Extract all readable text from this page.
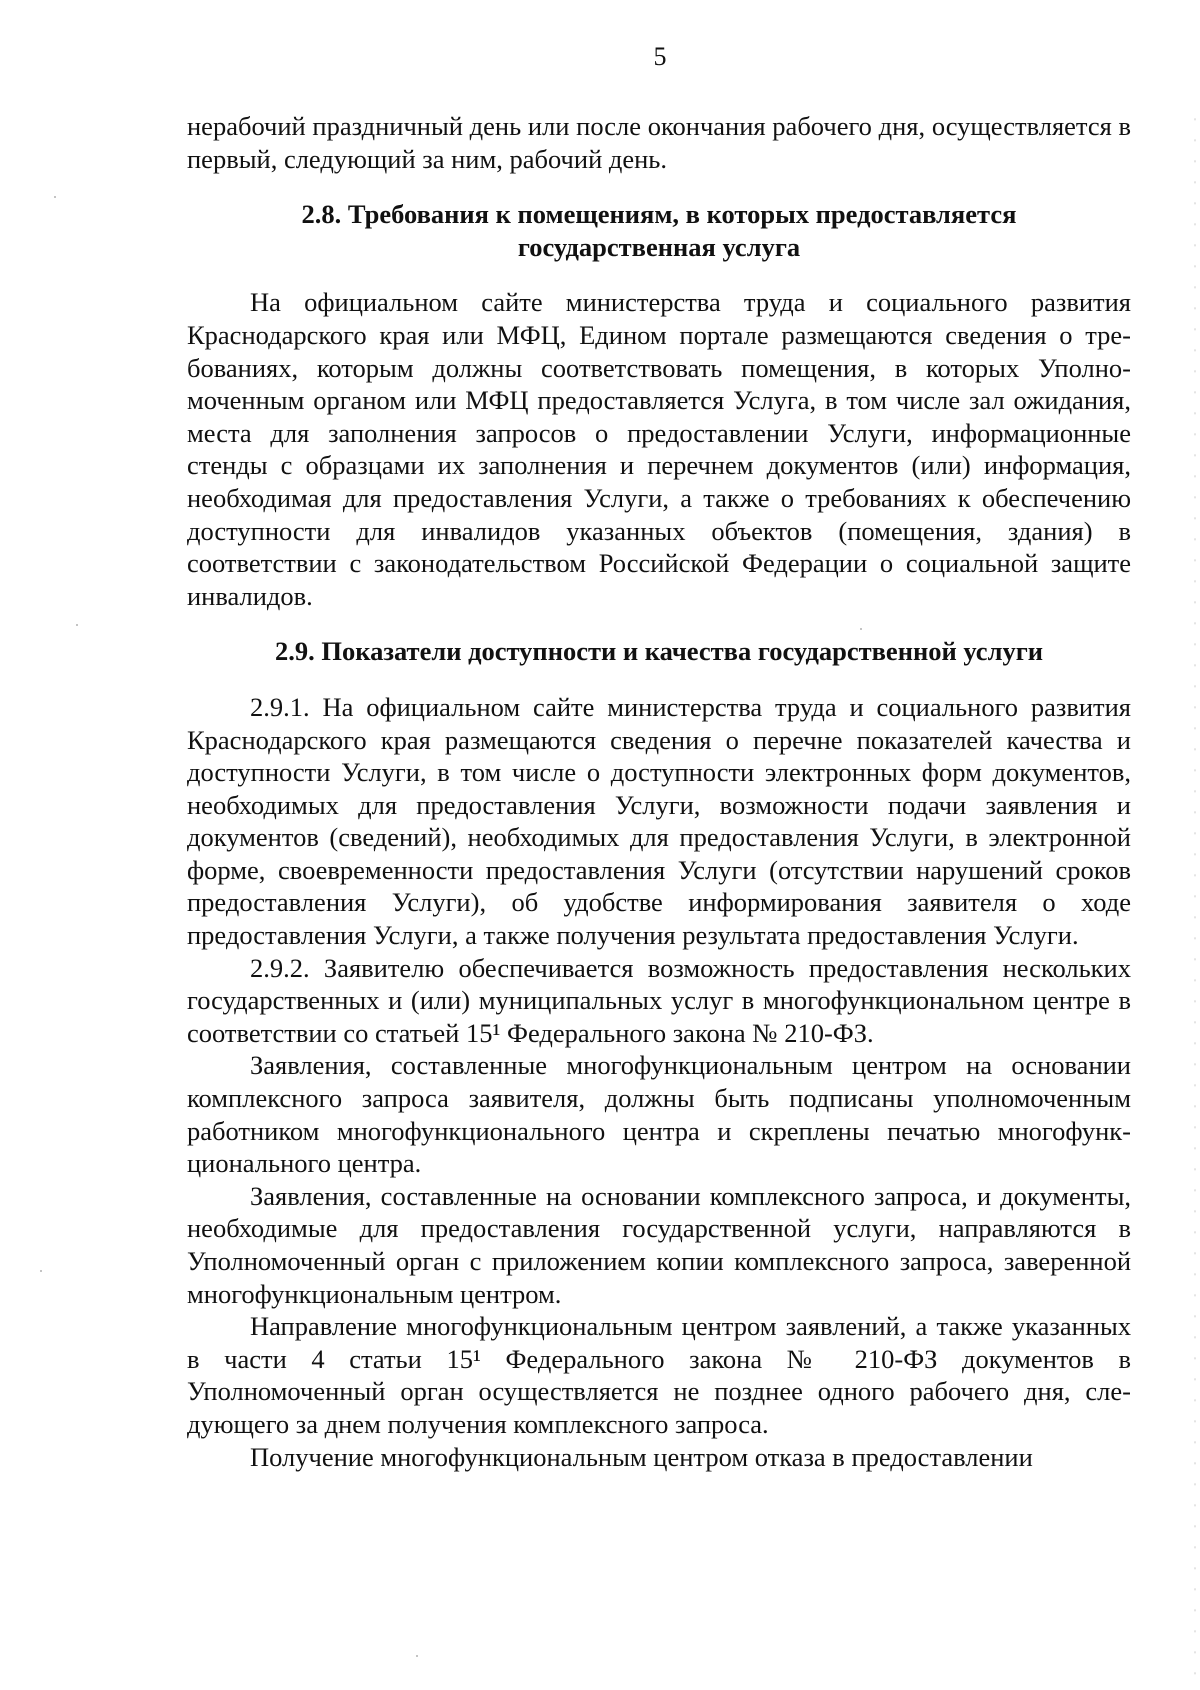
5

нерабочий праздничный день или после окончания рабочего дня, осуществляется в первый, следующий за ним, рабочий день.

2.8. Требования к помещениям, в которых предоставляется государственная услуга

На официальном сайте министерства труда и социального развития Краснодарского края или МФЦ, Едином портале размещаются сведения о требованиях, которым должны соответствовать помещения, в которых Уполномоченным органом или МФЦ предоставляется Услуга, в том числе зал ожидания, места для заполнения запросов о предоставлении Услуги, информационные стенды с образцами их заполнения и перечнем документов (или) информация, необходимая для предоставления Услуги, а также о требованиях к обеспечению доступности для инвалидов указанных объектов (помещения, здания) в соответствии с законодательством Российской Федерации о социальной защите инвалидов.

2.9. Показатели доступности и качества государственной услуги

2.9.1. На официальном сайте министерства труда и социального развития Краснодарского края размещаются сведения о перечне показателей качества и доступности Услуги, в том числе о доступности электронных форм документов, необходимых для предоставления Услуги, возможности подачи заявления и документов (сведений), необходимых для предоставления Услуги, в электронной форме, своевременности предоставления Услуги (отсутствии нарушений сроков предоставления Услуги), об удобстве информирования заявителя о ходе предоставления Услуги, а также получения результата предоставления Услуги.

2.9.2. Заявителю обеспечивается возможность предоставления нескольких государственных и (или) муниципальных услуг в многофункциональном центре в соответствии со статьей 15¹ Федерального закона № 210-ФЗ.

Заявления, составленные многофункциональным центром на основании комплексного запроса заявителя, должны быть подписаны уполномоченным работником многофункционального центра и скреплены печатью многофункционального центра.

Заявления, составленные на основании комплексного запроса, и документы, необходимые для предоставления государственной услуги, направляются в Уполномоченный орган с приложением копии комплексного запроса, заверенной многофункциональным центром.

Направление многофункциональным центром заявлений, а также указанных в части 4 статьи 15¹ Федерального закона № 210-ФЗ документов в Уполномоченный орган осуществляется не позднее одного рабочего дня, следующего за днем получения комплексного запроса.

Получение многофункциональным центром отказа в предоставлении
